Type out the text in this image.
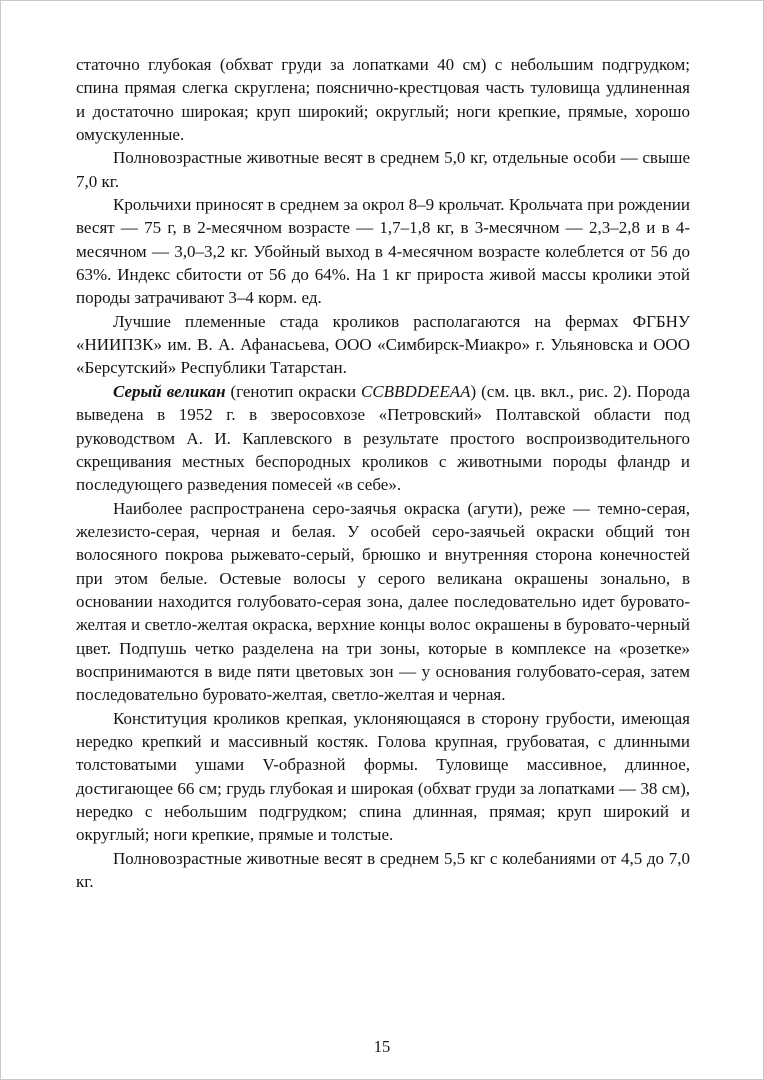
статочно глубокая (обхват груди за лопатками 40 см) с небольшим подгрудком; спина прямая слегка скруглена; пояснично-крестцовая часть туловища удлиненная и достаточно широкая; круп широкий; округлый; ноги крепкие, прямые, хорошо омускуленные.

Полновозрастные животные весят в среднем 5,0 кг, отдельные особи — свыше 7,0 кг.

Крольчихи приносят в среднем за окрол 8–9 крольчат. Крольчата при рождении весят — 75 г, в 2-месячном возрасте — 1,7–1,8 кг, в 3-месячном — 2,3–2,8 и в 4-месячном — 3,0–3,2 кг. Убойный выход в 4-месячном возрасте колеблется от 56 до 63%. Индекс сбитости от 56 до 64%. На 1 кг прироста живой массы кролики этой породы затрачивают 3–4 корм. ед.

Лучшие племенные стада кроликов располагаются на фермах ФГБНУ «НИИПЗК» им. В. А. Афанасьева, ООО «Симбирск-Миакро» г. Ульяновска и ООО «Берсутский» Республики Татарстан.

Серый великан (генотип окраски CCBBDDEEAA) (см. цв. вкл., рис. 2). Порода выведена в 1952 г. в зверосовхозе «Петровский» Полтавской области под руководством А. И. Каплевского в результате простого воспроизводительного скрещивания местных беспородных кроликов с животными породы фландр и последующего разведения помесей «в себе».

Наиболее распространена серо-заячья окраска (агути), реже — темно-серая, железисто-серая, черная и белая. У особей серо-заячьей окраски общий тон волосяного покрова рыжевато-серый, брюшко и внутренняя сторона конечностей при этом белые. Остевые волосы у серого великана окрашены зонально, в основании находится голубовато-серая зона, далее последовательно идет буровато-желтая и светло-желтая окраска, верхние концы волос окрашены в буровато-черный цвет. Подпушь четко разделена на три зоны, которые в комплексе на «розетке» воспринимаются в виде пяти цветовых зон — у основания голубовато-серая, затем последовательно буровато-желтая, светло-желтая и черная.

Конституция кроликов крепкая, уклоняющаяся в сторону грубости, имеющая нередко крепкий и массивный костяк. Голова крупная, грубоватая, с длинными толстоватыми ушами V-образной формы. Туловище массивное, длинное, достигающее 66 см; грудь глубокая и широкая (обхват груди за лопатками — 38 см), нередко с небольшим подгрудком; спина длинная, прямая; круп широкий и округлый; ноги крепкие, прямые и толстые.

Полновозрастные животные весят в среднем 5,5 кг с колебаниями от 4,5 до 7,0 кг.

15
